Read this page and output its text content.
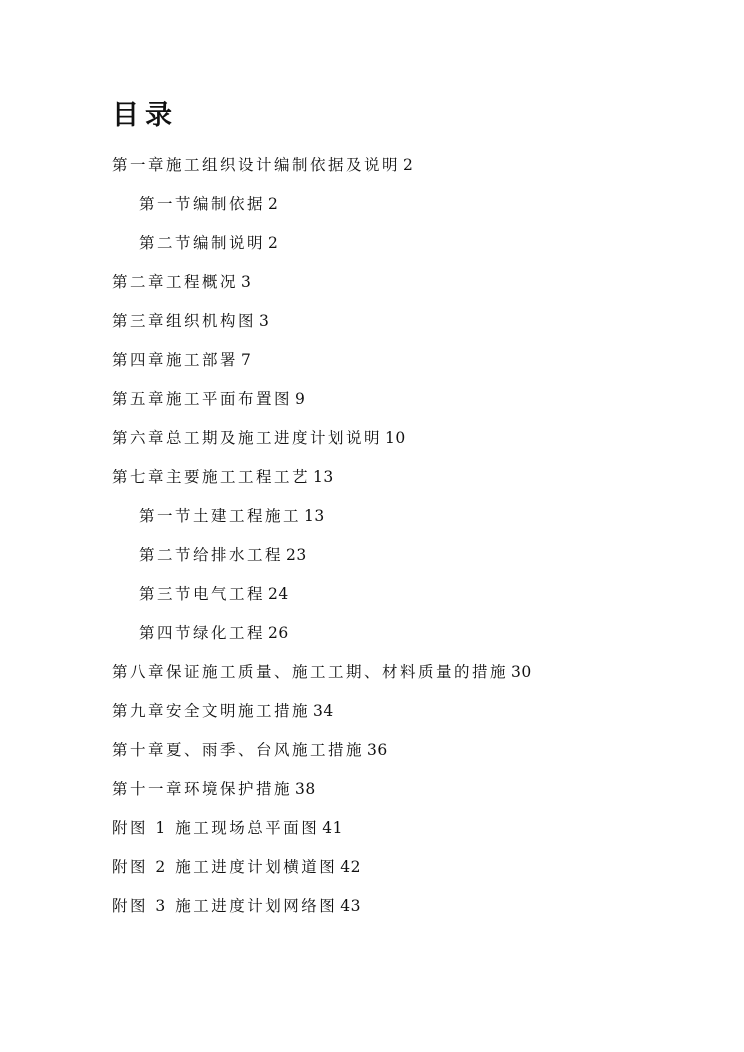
目录
第一章施工组织设计编制依据及说明 2
第一节编制依据 2
第二节编制说明 2
第二章工程概况 3
第三章组织机构图 3
第四章施工部署 7
第五章施工平面布置图 9
第六章总工期及施工进度计划说明 10
第七章主要施工工程工艺 13
第一节土建工程施工 13
第二节给排水工程 23
第三节电气工程 24
第四节绿化工程 26
第八章保证施工质量、施工工期、材料质量的措施 30
第九章安全文明施工措施 34
第十章夏、雨季、台风施工措施 36
第十一章环境保护措施 38
附图 1 施工现场总平面图 41
附图 2 施工进度计划横道图 42
附图 3 施工进度计划网络图 43
